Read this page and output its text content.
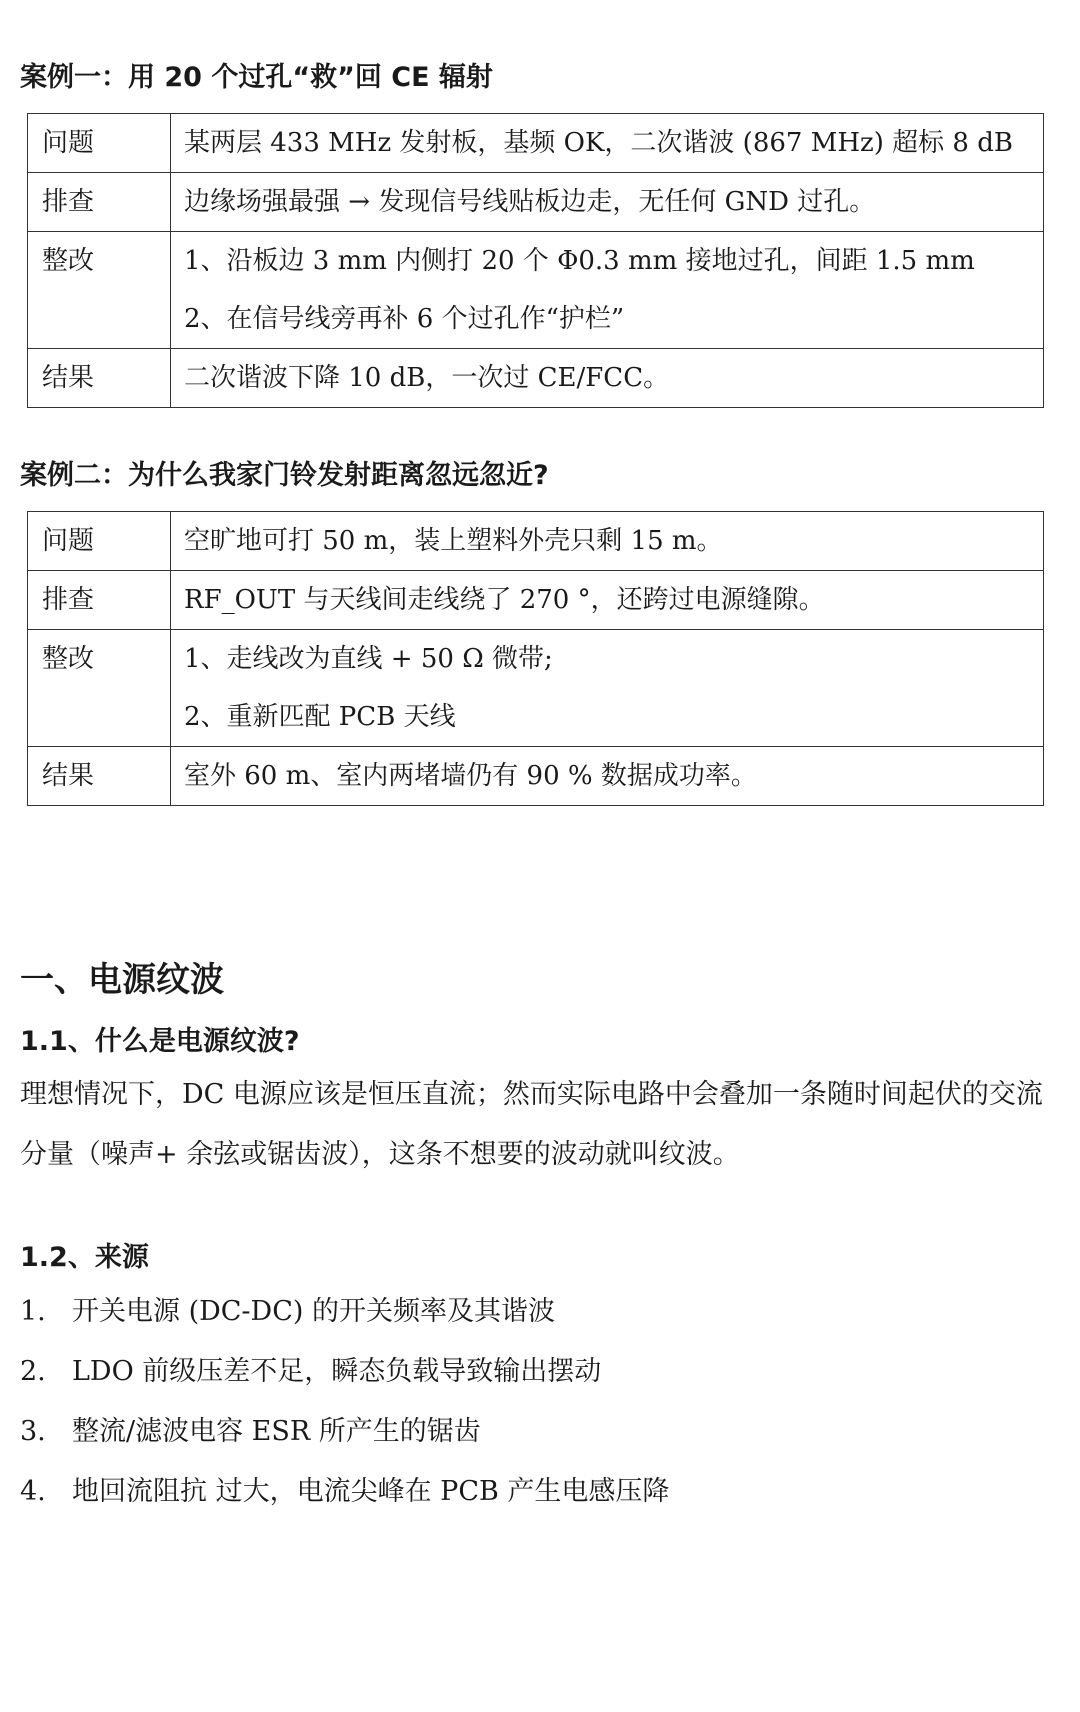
案例一：用 20 个过孔“救”回 CE 辐射
问题	某两层 433 MHz 发射板，基频 OK，二次谐波 (867 MHz) 超标 8 dB

排查	边缘场强最强 → 发现信号线贴板边走，无任何 GND 过孔。

整改	1、沿板边 3 mm 内侧打 20 个 Φ0.3 mm 接地过孔，间距 1.5 mm
2、在信号线旁再补 6 个过孔作“护栏”

结果	二次谐波下降 10 dB，一次过 CE/FCC。
案例二：为什么我家门铃发射距离忽远忽近?
问题	空旷地可打 50 m，装上塑料外壳只剩 15 m。

排查	RF_OUT 与天线间走线绕了 270 °，还跨过电源缝隙。

整改	1、走线改为直线 + 50 Ω 微带;
2、重新匹配 PCB 天线

结果	室外 60 m、室内两堵墙仍有 90 % 数据成功率。
一、电源纹波
1.1、什么是电源纹波?
理想情况下，DC 电源应该是恒压直流；然而实际电路中会叠加一条随时间起伏的交流分量（噪声+ 余弦或锯齿波），这条不想要的波动就叫纹波。
1.2、来源
1. 开关电源 (DC-DC) 的开关频率及其谐波
2. LDO 前级压差不足，瞬态负载导致输出摆动
3. 整流/滤波电容 ESR 所产生的锯齿
4. 地回流阻抗 过大，电流尖峰在 PCB 产生电感压降
